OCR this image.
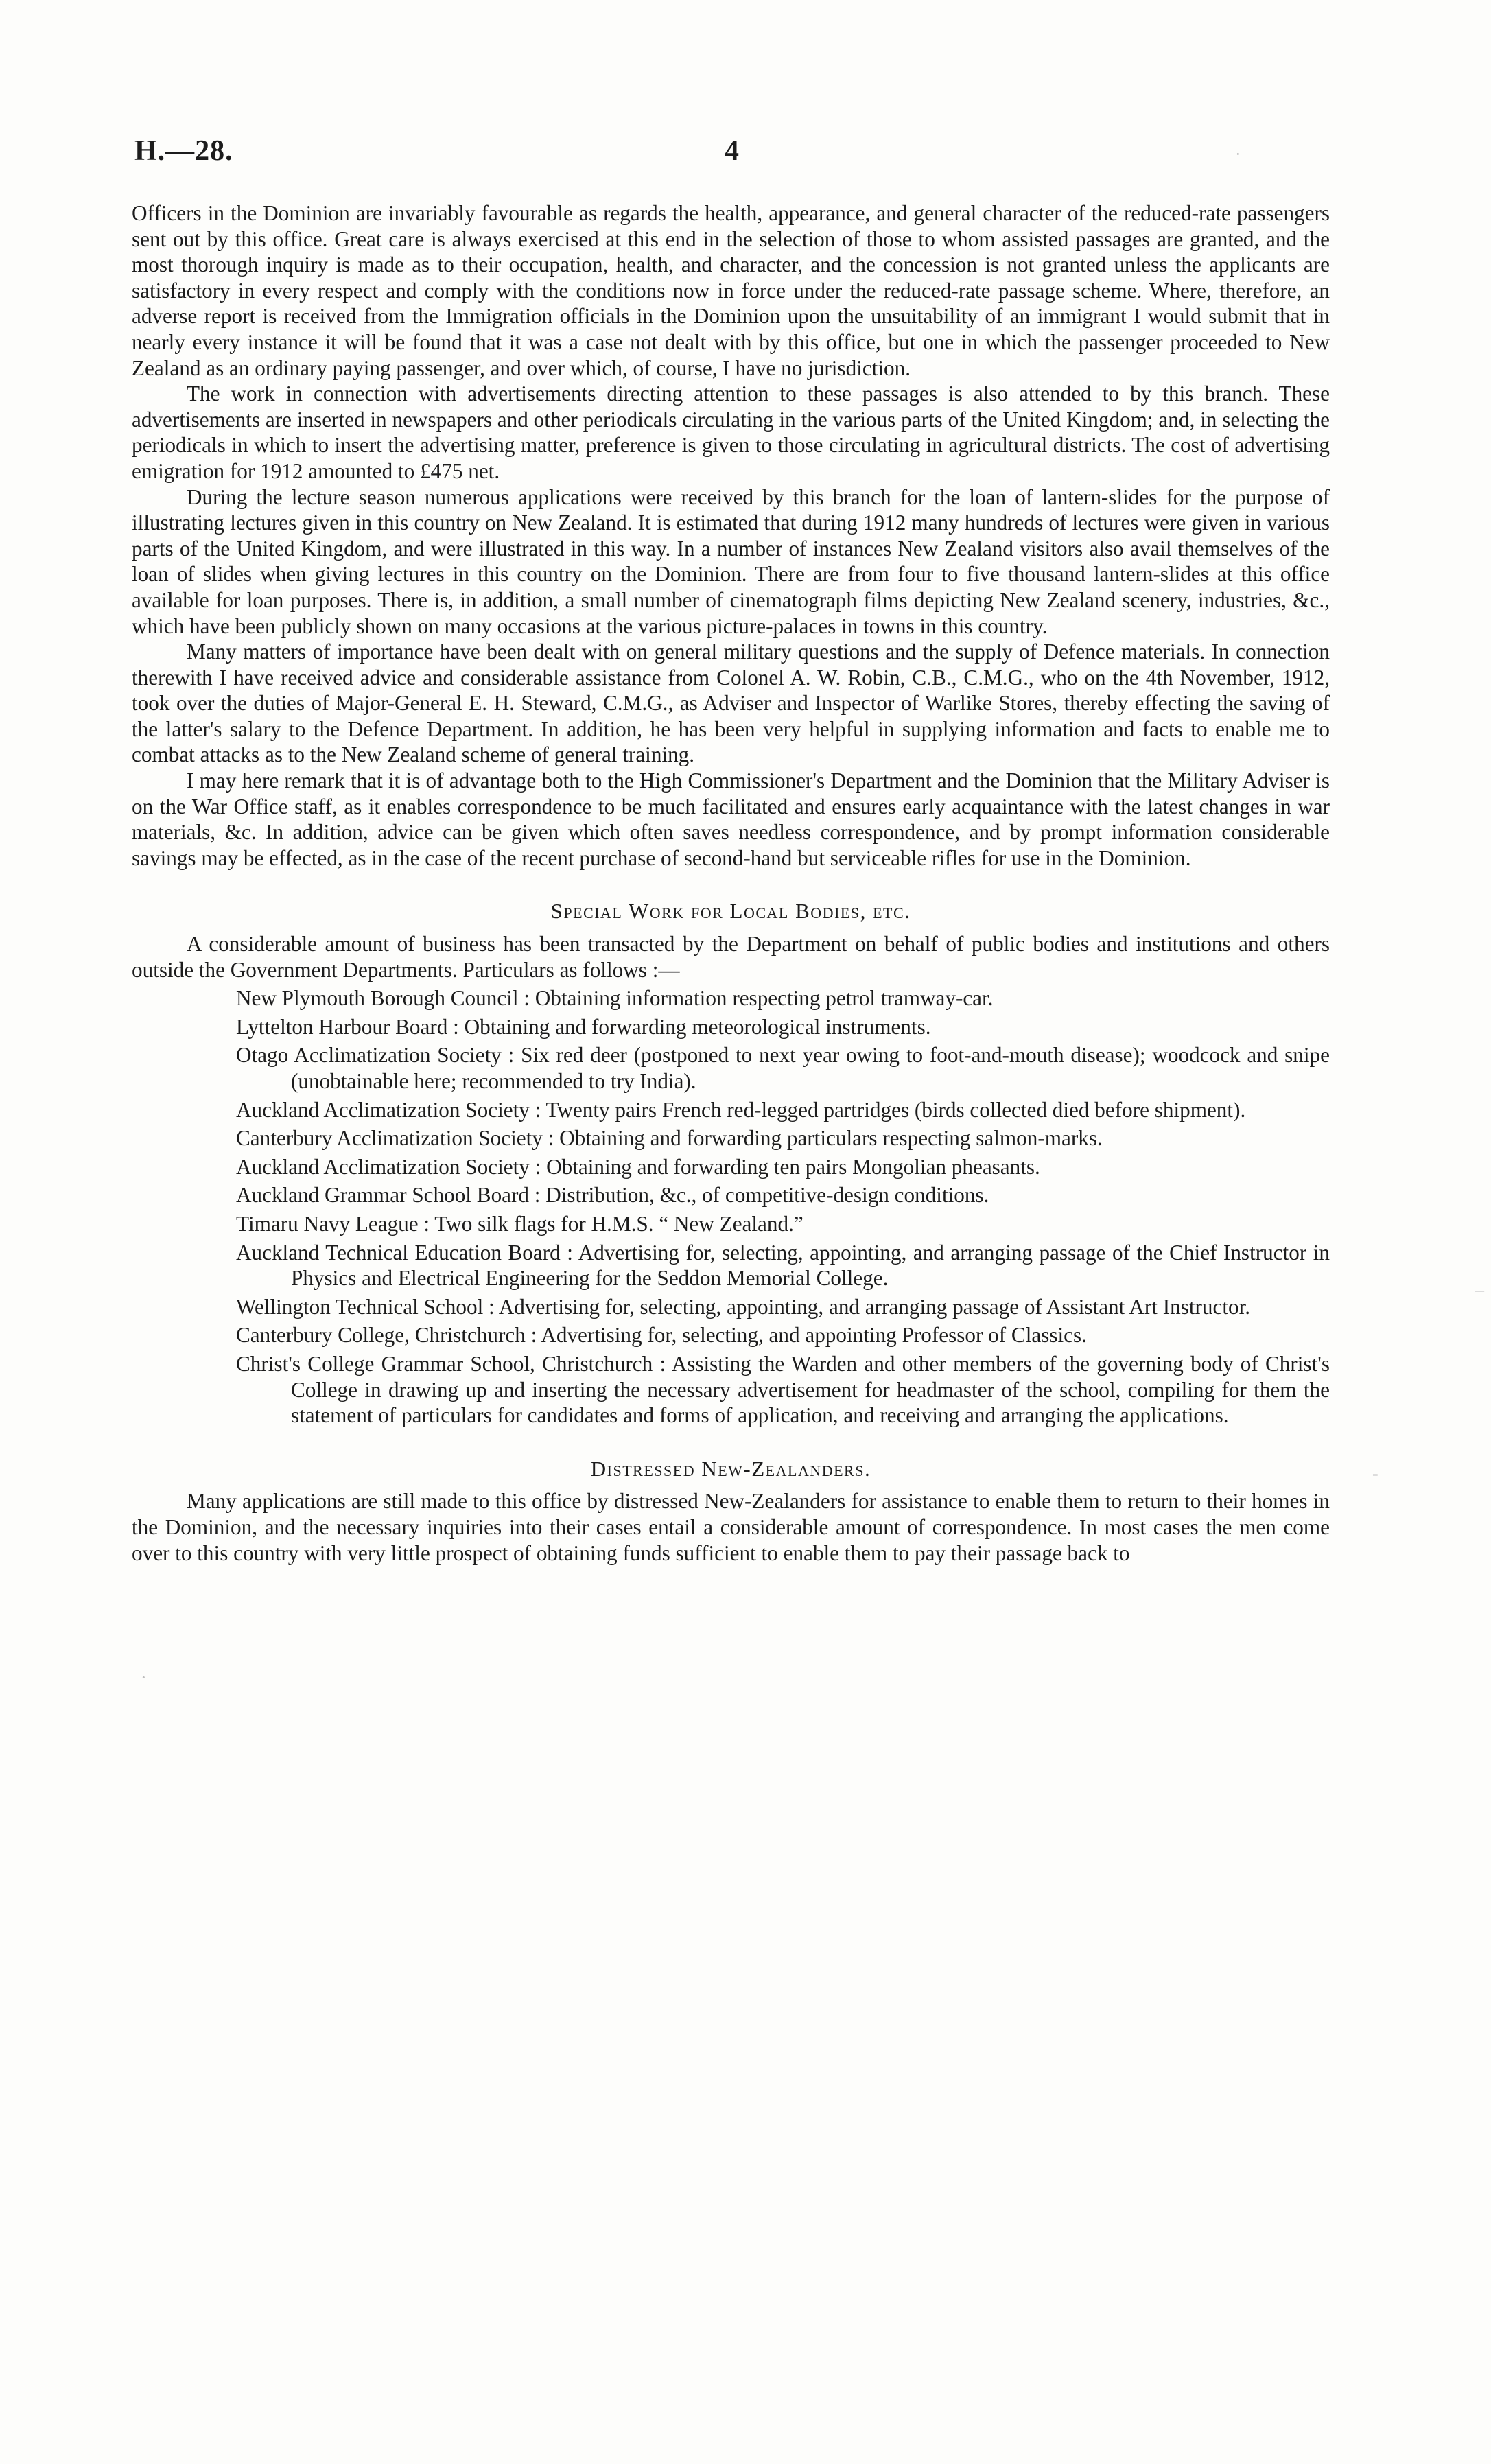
H.—28.	4

Officers in the Dominion are invariably favourable as regards the health, appearance, and general character of the reduced-rate passengers sent out by this office. Great care is always exercised at this end in the selection of those to whom assisted passages are granted, and the most thorough inquiry is made as to their occupation, health, and character, and the concession is not granted unless the applicants are satisfactory in every respect and comply with the conditions now in force under the reduced-rate passage scheme. Where, therefore, an adverse report is received from the Immigration officials in the Dominion upon the unsuitability of an immigrant I would submit that in nearly every instance it will be found that it was a case not dealt with by this office, but one in which the passenger proceeded to New Zealand as an ordinary paying passenger, and over which, of course, I have no jurisdiction.

The work in connection with advertisements directing attention to these passages is also attended to by this branch. These advertisements are inserted in newspapers and other periodicals circulating in the various parts of the United Kingdom; and, in selecting the periodicals in which to insert the advertising matter, preference is given to those circulating in agricultural districts. The cost of advertising emigration for 1912 amounted to £475 net.

During the lecture season numerous applications were received by this branch for the loan of lantern-slides for the purpose of illustrating lectures given in this country on New Zealand. It is estimated that during 1912 many hundreds of lectures were given in various parts of the United Kingdom, and were illustrated in this way. In a number of instances New Zealand visitors also avail themselves of the loan of slides when giving lectures in this country on the Dominion. There are from four to five thousand lantern-slides at this office available for loan purposes. There is, in addition, a small number of cinematograph films depicting New Zealand scenery, industries, &c., which have been publicly shown on many occasions at the various picture-palaces in towns in this country.

Many matters of importance have been dealt with on general military questions and the supply of Defence materials. In connection therewith I have received advice and considerable assistance from Colonel A. W. Robin, C.B., C.M.G., who on the 4th November, 1912, took over the duties of Major-General E. H. Steward, C.M.G., as Adviser and Inspector of Warlike Stores, thereby effecting the saving of the latter's salary to the Defence Department. In addition, he has been very helpful in supplying information and facts to enable me to combat attacks as to the New Zealand scheme of general training.

I may here remark that it is of advantage both to the High Commissioner's Department and the Dominion that the Military Adviser is on the War Office staff, as it enables correspondence to be much facilitated and ensures early acquaintance with the latest changes in war materials, &c. In addition, advice can be given which often saves needless correspondence, and by prompt information considerable savings may be effected, as in the case of the recent purchase of second-hand but serviceable rifles for use in the Dominion.

Special Work for Local Bodies, etc.

A considerable amount of business has been transacted by the Department on behalf of public bodies and institutions and others outside the Government Departments. Particulars as follows :—

New Plymouth Borough Council : Obtaining information respecting petrol tramway-car.
Lyttelton Harbour Board : Obtaining and forwarding meteorological instruments.
Otago Acclimatization Society : Six red deer (postponed to next year owing to foot-and-mouth disease); woodcock and snipe (unobtainable here; recommended to try India).
Auckland Acclimatization Society : Twenty pairs French red-legged partridges (birds collected died before shipment).
Canterbury Acclimatization Society : Obtaining and forwarding particulars respecting salmon-marks.
Auckland Acclimatization Society : Obtaining and forwarding ten pairs Mongolian pheasants.
Auckland Grammar School Board : Distribution, &c., of competitive-design conditions.
Timaru Navy League : Two silk flags for H.M.S. “ New Zealand.”
Auckland Technical Education Board : Advertising for, selecting, appointing, and arranging passage of the Chief Instructor in Physics and Electrical Engineering for the Seddon Memorial College.
Wellington Technical School : Advertising for, selecting, appointing, and arranging passage of Assistant Art Instructor.
Canterbury College, Christchurch : Advertising for, selecting, and appointing Professor of Classics.
Christ's College Grammar School, Christchurch : Assisting the Warden and other members of the governing body of Christ's College in drawing up and inserting the necessary advertisement for headmaster of the school, compiling for them the statement of particulars for candidates and forms of application, and receiving and arranging the applications.
Distressed New-Zealanders.

Many applications are still made to this office by distressed New-Zealanders for assistance to enable them to return to their homes in the Dominion, and the necessary inquiries into their cases entail a considerable amount of correspondence. In most cases the men come over to this country with very little prospect of obtaining funds sufficient to enable them to pay their passage back to

·
–
-
·
